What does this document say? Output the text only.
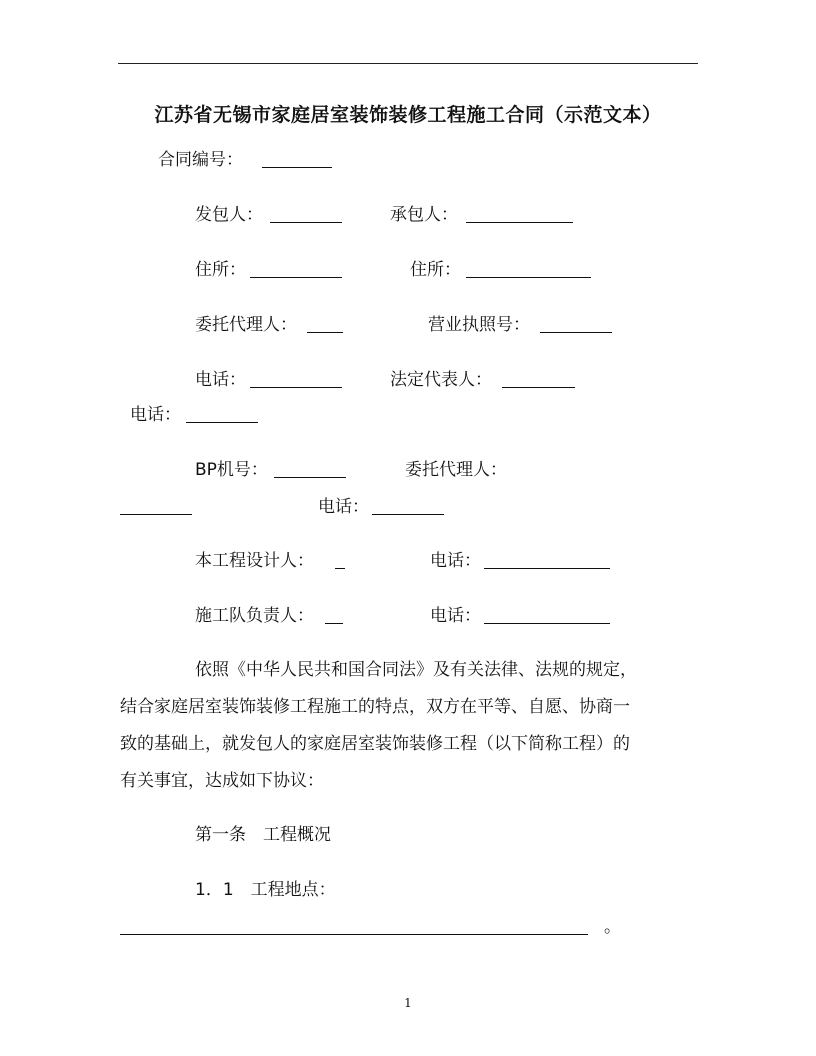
江苏省无锡市家庭居室装饰装修工程施工合同（示范文本）
合同编号：
发包人：	承包人：
住所：	住所：
委托代理人：	营业执照号：
电话：	法定代表人：
电话：
BP机号：	委托代理人：
电话：
本工程设计人：	电话：
施工队负责人：	电话：
依照《中华人民共和国合同法》及有关法律、法规的规定，
结合家庭居室装饰装修工程施工的特点，双方在平等、自愿、协商一
致的基础上，就发包人的家庭居室装饰装修工程（以下简称工程）的
有关事宜，达成如下协议：
第一条　工程概况
1．1　工程地点：
。
1
